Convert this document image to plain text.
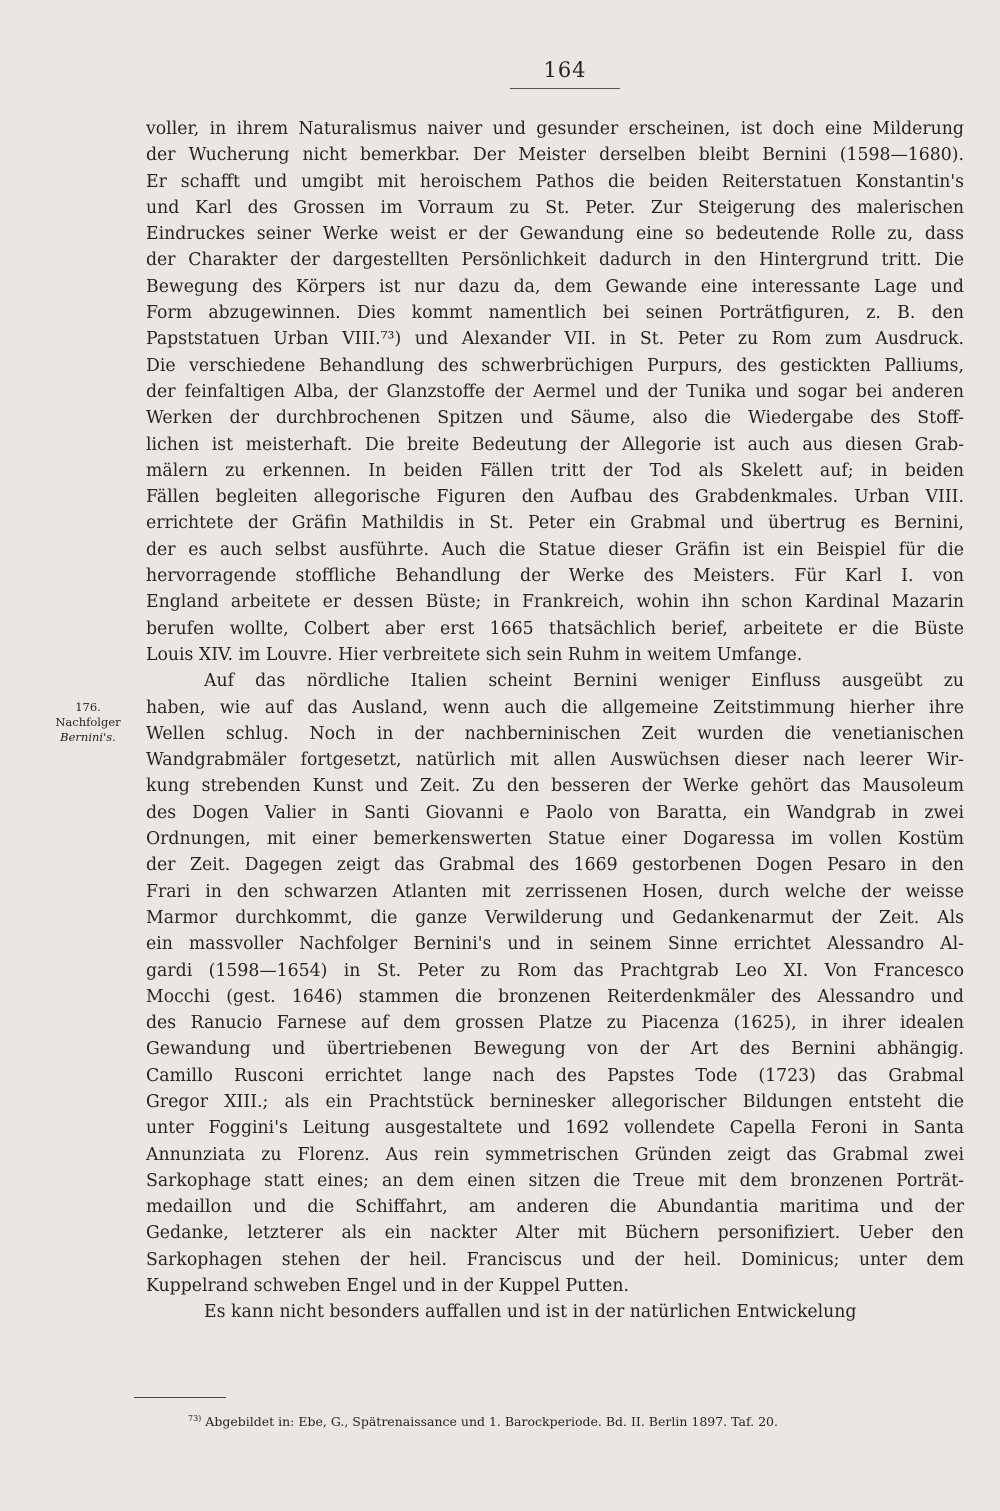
164
voller, in ihrem Naturalismus naiver und gesunder erscheinen, ist doch eine Milderung
der Wucherung nicht bemerkbar. Der Meister derselben bleibt Bernini (1598—1680).
Er schafft und umgibt mit heroischem Pathos die beiden Reiterstatuen Konstantin's
und Karl des Grossen im Vorraum zu St. Peter. Zur Steigerung des malerischen
Eindruckes seiner Werke weist er der Gewandung eine so bedeutende Rolle zu, dass
der Charakter der dargestellten Persönlichkeit dadurch in den Hintergrund tritt. Die
Bewegung des Körpers ist nur dazu da, dem Gewande eine interessante Lage und
Form abzugewinnen. Dies kommt namentlich bei seinen Porträtfiguren, z. B. den
Papststatuen Urban VIII.⁷³) und Alexander VII. in St. Peter zu Rom zum Ausdruck.
Die verschiedene Behandlung des schwerbrüchigen Purpurs, des gestickten Palliums,
der feinfaltigen Alba, der Glanzstoffe der Aermel und der Tunika und sogar bei anderen
Werken der durchbrochenen Spitzen und Säume, also die Wiedergabe des Stoff-
lichen ist meisterhaft. Die breite Bedeutung der Allegorie ist auch aus diesen Grab-
mälern zu erkennen. In beiden Fällen tritt der Tod als Skelett auf; in beiden
Fällen begleiten allegorische Figuren den Aufbau des Grabdenkmales. Urban VIII.
errichtete der Gräfin Mathildis in St. Peter ein Grabmal und übertrug es Bernini,
der es auch selbst ausführte. Auch die Statue dieser Gräfin ist ein Beispiel für die
hervorragende stoffliche Behandlung der Werke des Meisters. Für Karl I. von
England arbeitete er dessen Büste; in Frankreich, wohin ihn schon Kardinal Mazarin
berufen wollte, Colbert aber erst 1665 thatsächlich berief, arbeitete er die Büste
Louis XIV. im Louvre. Hier verbreitete sich sein Ruhm in weitem Umfange.
Auf das nördliche Italien scheint Bernini weniger Einfluss ausgeübt zu
haben, wie auf das Ausland, wenn auch die allgemeine Zeitstimmung hierher ihre
Wellen schlug. Noch in der nachberninischen Zeit wurden die venetianischen
Wandgrabmäler fortgesetzt, natürlich mit allen Auswüchsen dieser nach leerer Wir-
kung strebenden Kunst und Zeit. Zu den besseren der Werke gehört das Mausoleum
des Dogen Valier in Santi Giovanni e Paolo von Baratta, ein Wandgrab in zwei
Ordnungen, mit einer bemerkenswerten Statue einer Dogaressa im vollen Kostüm
der Zeit. Dagegen zeigt das Grabmal des 1669 gestorbenen Dogen Pesaro in den
Frari in den schwarzen Atlanten mit zerrissenen Hosen, durch welche der weisse
Marmor durchkommt, die ganze Verwilderung und Gedankenarmut der Zeit. Als
ein massvoller Nachfolger Bernini's und in seinem Sinne errichtet Alessandro Al-
gardi (1598—1654) in St. Peter zu Rom das Prachtgrab Leo XI. Von Francesco
Mocchi (gest. 1646) stammen die bronzenen Reiterdenkmäler des Alessandro und
des Ranucio Farnese auf dem grossen Platze zu Piacenza (1625), in ihrer idealen
Gewandung und übertriebenen Bewegung von der Art des Bernini abhängig.
Camillo Rusconi errichtet lange nach des Papstes Tode (1723) das Grabmal
Gregor XIII.; als ein Prachtstück berninesker allegorischer Bildungen entsteht die
unter Foggini's Leitung ausgestaltete und 1692 vollendete Capella Feroni in Santa
Annunziata zu Florenz. Aus rein symmetrischen Gründen zeigt das Grabmal zwei
Sarkophage statt eines; an dem einen sitzen die Treue mit dem bronzenen Porträt-
medaillon und die Schiffahrt, am anderen die Abundantia maritima und der
Gedanke, letzterer als ein nackter Alter mit Büchern personifiziert. Ueber den
Sarkophagen stehen der heil. Franciscus und der heil. Dominicus; unter dem
Kuppelrand schweben Engel und in der Kuppel Putten.
Es kann nicht besonders auffallen und ist in der natürlichen Entwickelung
176.
Nachfolger
Bernini's.
$^{73)}$ Abgebildet in: Ebe, G., Spätrenaissance und 1. Barockperiode. Bd. II. Berlin 1897. Taf. 20.
